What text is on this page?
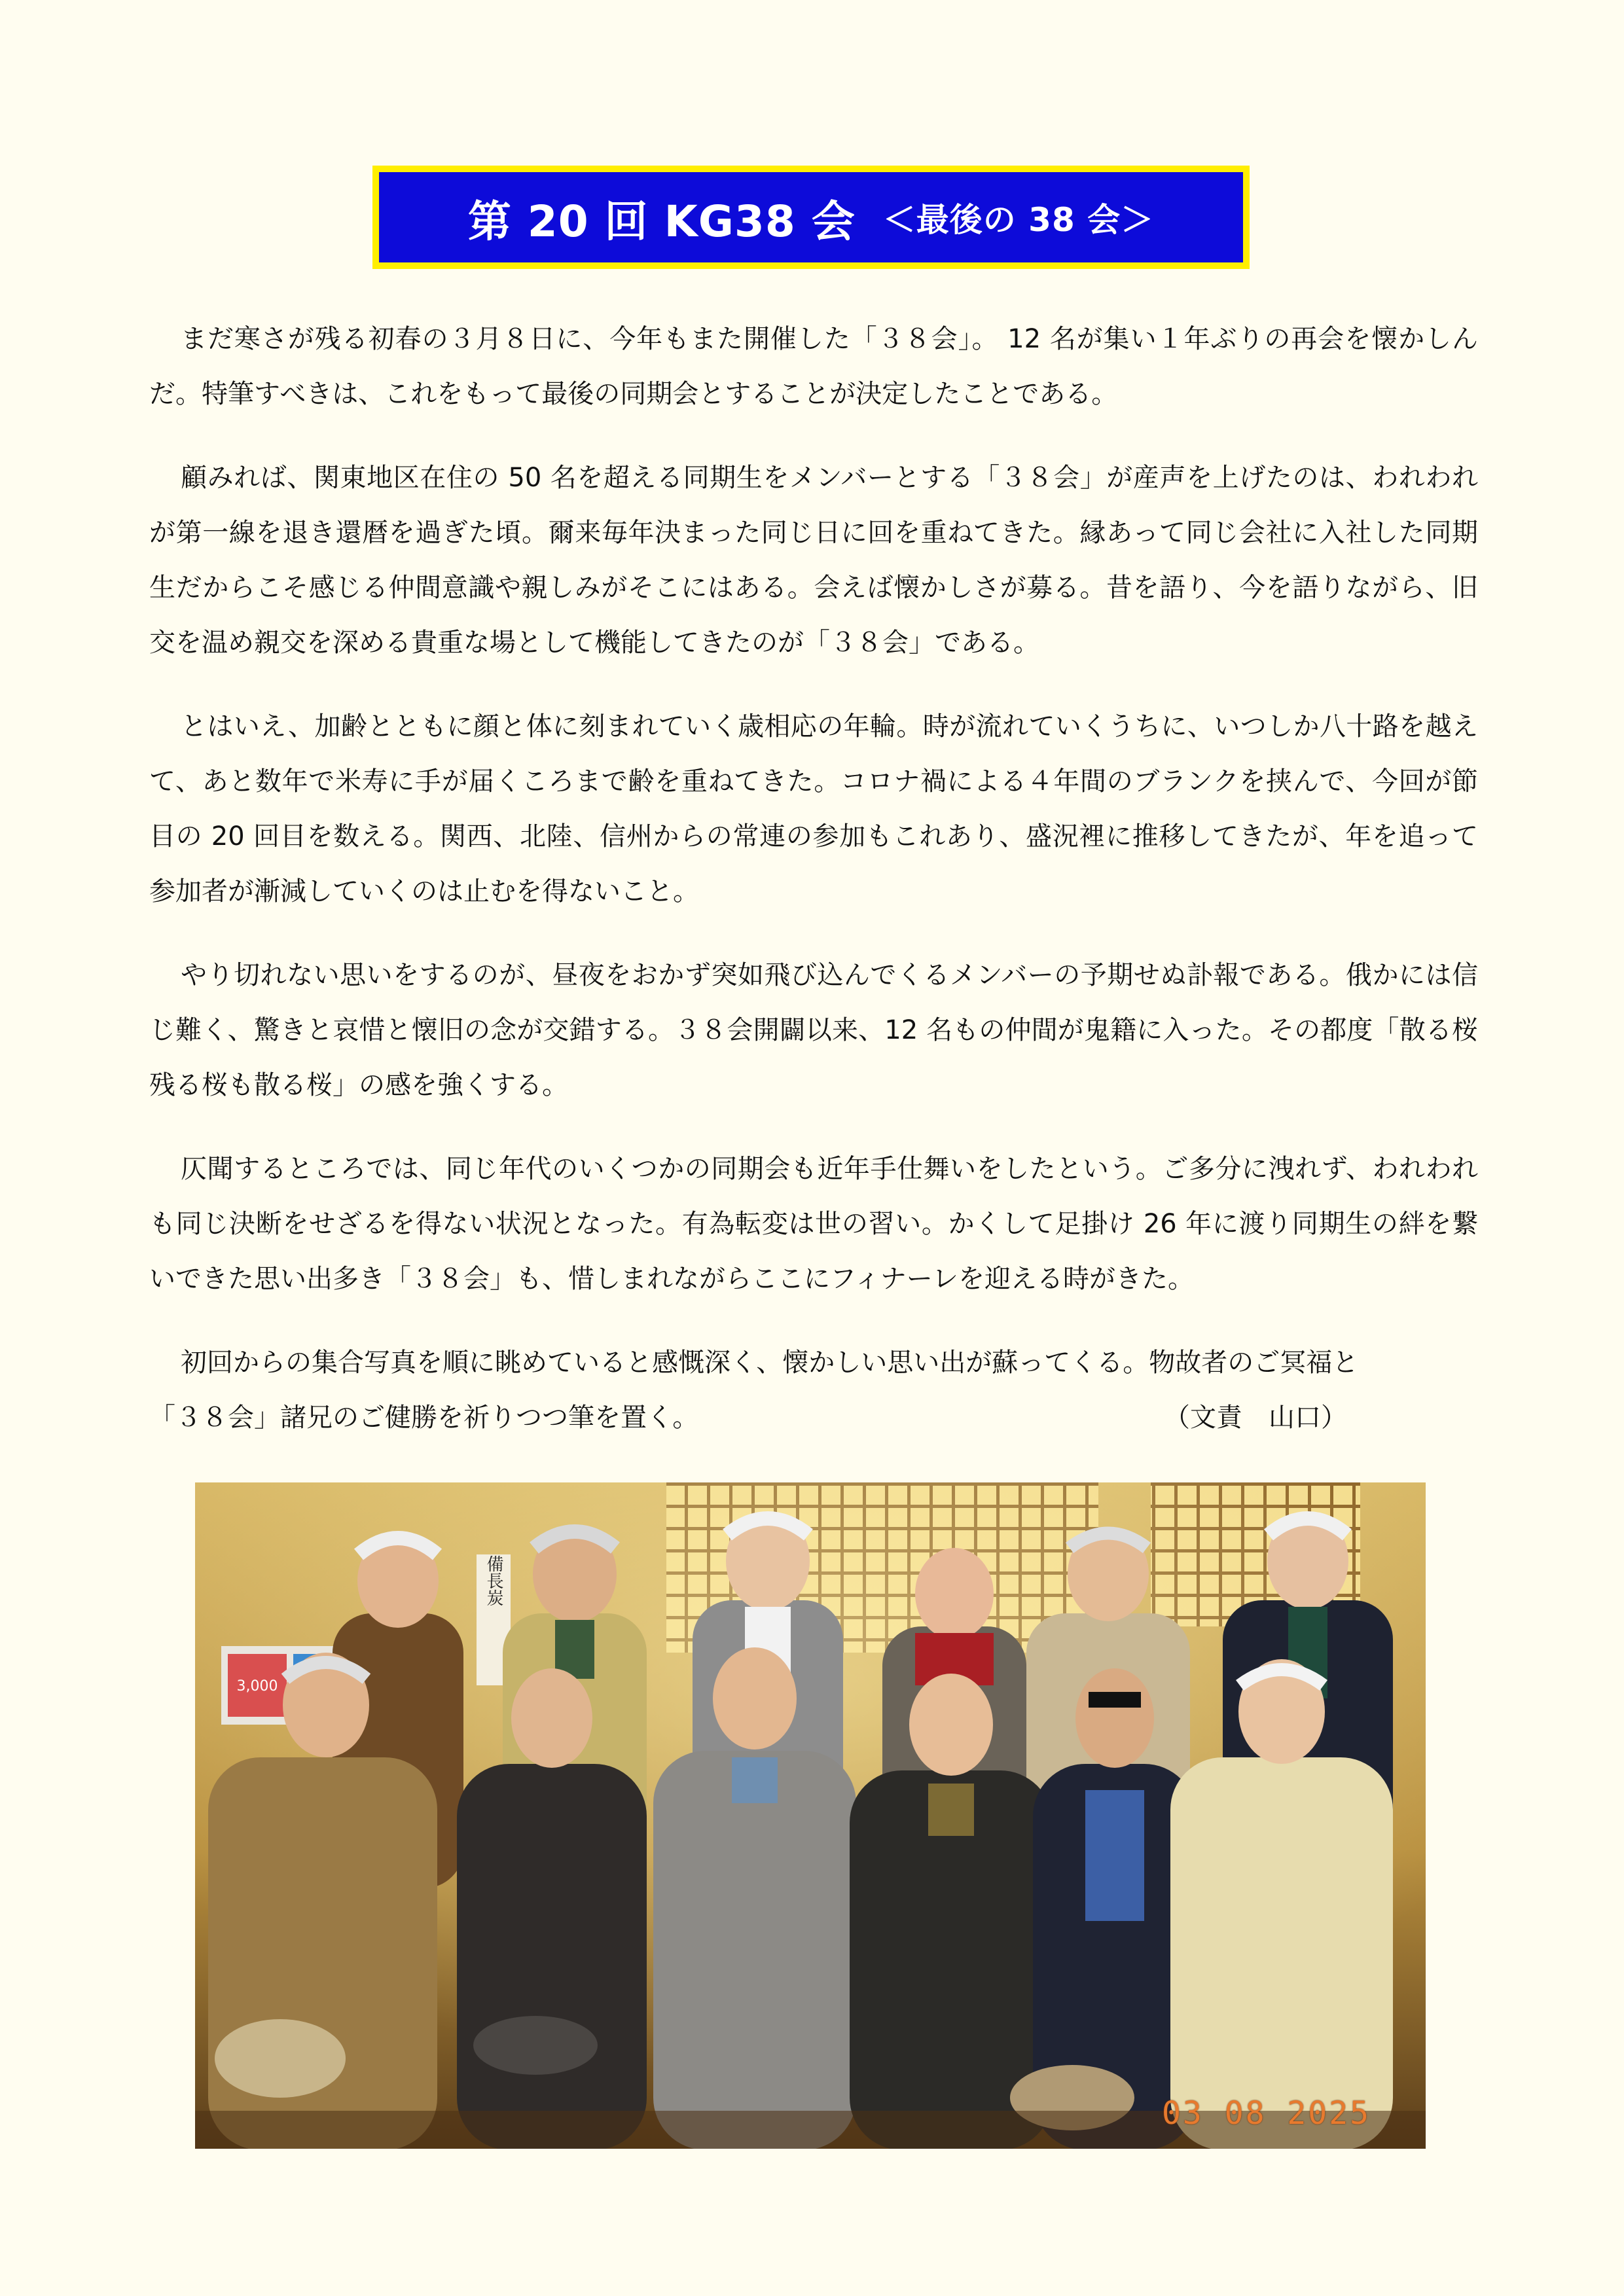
第 20 回 KG38 会 ＜最後の 38 会＞

まだ寒さが残る初春の３月８日に、今年もまた開催した「３８会」。 12 名が集い１年ぶりの再会を懐かしんだ。特筆すべきは、これをもって最後の同期会とすることが決定したことである。

顧みれば、関東地区在住の 50 名を超える同期生をメンバーとする「３８会」が産声を上げたのは、われわれが第一線を退き還暦を過ぎた頃。爾来毎年決まった同じ日に回を重ねてきた。縁あって同じ会社に入社した同期生だからこそ感じる仲間意識や親しみがそこにはある。会えば懐かしさが募る。昔を語り、今を語りながら、旧交を温め親交を深める貴重な場として機能してきたのが「３８会」である。

とはいえ、加齢とともに顔と体に刻まれていく歳相応の年輪。時が流れていくうちに、いつしか八十路を越えて、あと数年で米寿に手が届くころまで齢を重ねてきた。コロナ禍による４年間のブランクを挟んで、今回が節目の 20 回目を数える。関西、北陸、信州からの常連の参加もこれあり、盛況裡に推移してきたが、年を追って参加者が漸減していくのは止むを得ないこと。

やり切れない思いをするのが、昼夜をおかず突如飛び込んでくるメンバーの予期せぬ訃報である。俄かには信じ難く、驚きと哀惜と懐旧の念が交錯する。３８会開闢以来、12 名もの仲間が鬼籍に入った。その都度「散る桜残る桜も散る桜」の感を強くする。

仄聞するところでは、同じ年代のいくつかの同期会も近年手仕舞いをしたという。ご多分に洩れず、われわれも同じ決断をせざるを得ない状況となった。有為転変は世の習い。かくして足掛け 26 年に渡り同期生の絆を繋いできた思い出多き「３８会」も、惜しまれながらここにフィナーレを迎える時がきた。

初回からの集合写真を順に眺めていると感慨深く、懐かしい思い出が蘇ってくる。物故者のご冥福と

「３８会」諸兄のご健勝を祈りつつ筆を置く。	（文責　山口）
備長炭
3,000
03 08 2025
